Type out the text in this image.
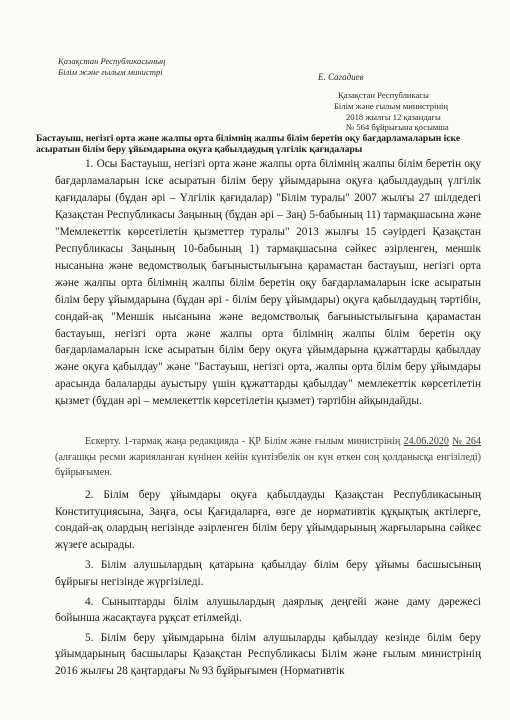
Қазақстан Республикасының
Білім және ғылым министрі	Е. Сагадиев
Қазақстан Республикасы
Білім және ғылым министрінің
2018 жылғы 12 қазандағы
№ 564 бұйрығына қосымша
Бастауыш, негізгі орта және жалпы орта білімнің жалпы білім беретін оқу бағдарламаларын іске асыратын білім беру ұйымдарына оқуға қабылдаудың үлгілік қағидалары

1. Осы Бастауыш, негізгі орта және жалпы орта білімнің жалпы білім беретін оқу бағдарламаларын іске асыратын білім беру ұйымдарына оқуға қабылдаудың үлгілік қағидалары (бұдан әрі – Үлгілік қағидалар) "Білім туралы" 2007 жылғы 27 шілдедегі Қазақстан Республикасы Заңының (бұдан әрі – Заң) 5-бабының 11) тармақшасына және "Мемлекеттік көрсетілетін қызметтер туралы" 2013 жылғы 15 сәуірдегі Қазақстан Республикасы Заңының 10-бабының 1) тармақшасына сәйкес әзірленген, меншік нысанына және ведомстволық бағыныстылығына қарамастан бастауыш, негізгі орта және жалпы орта білімнің жалпы білім беретін оқу бағдарламаларын іске асыратын білім беру ұйымдарына (бұдан әрі - білім беру ұйымдары) оқуға қабылдаудың тәртібін, сондай-ақ "Меншік нысанына және ведомстволық бағыныстылығына қарамастан бастауыш, негізгі орта және жалпы орта білімнің жалпы білім беретін оқу бағдарламаларын іске асыратын білім беру оқуға ұйымдарына құжаттарды қабылдау және оқуға қабылдау" және "Бастауыш, негізгі орта, жалпы орта білім беру ұйымдары арасында балаларды ауыстыру үшін құжаттарды қабылдау" мемлекеттік көрсетілетін қызмет (бұдан әрі – мемлекеттік көрсетілетін қызмет) тәртібін айқындайды.

Ескерту. 1-тармақ жаңа редакцияда - ҚР Білім және ғылым министрінің 24.06.2020 № 264 (алғашқы ресми жарияланған күнінен кейін күнтізбелік он күн өткен соң қолданысқа енгізіледі) бұйрығымен.

2. Білім беру ұйымдары оқуға қабылдауды Қазақстан Республикасының Конституциясына, Заңға, осы Қағидаларға, өзге де нормативтік құқықтық актілерге, сондай-ақ олардың негізінде әзірленген білім беру ұйымдарының жарғыларына сәйкес жүзеге асырады.

3. Білім алушылардың қатарына қабылдау білім беру ұйымы басшысының бұйрығы негізінде жүргізіледі.

4. Сыныптарды білім алушылардың даярлық деңгейі және даму дәрежесі бойынша жасақтауға рұқсат етілмейді.

5. Білім беру ұйымдарына білім алушыларды қабылдау кезінде білім беру ұйымдарының басшылары Қазақстан Республикасы Білім және ғылым министрінің 2016 жылғы 28 қаңтардағы № 93 бұйрығымен (Нормативтік
